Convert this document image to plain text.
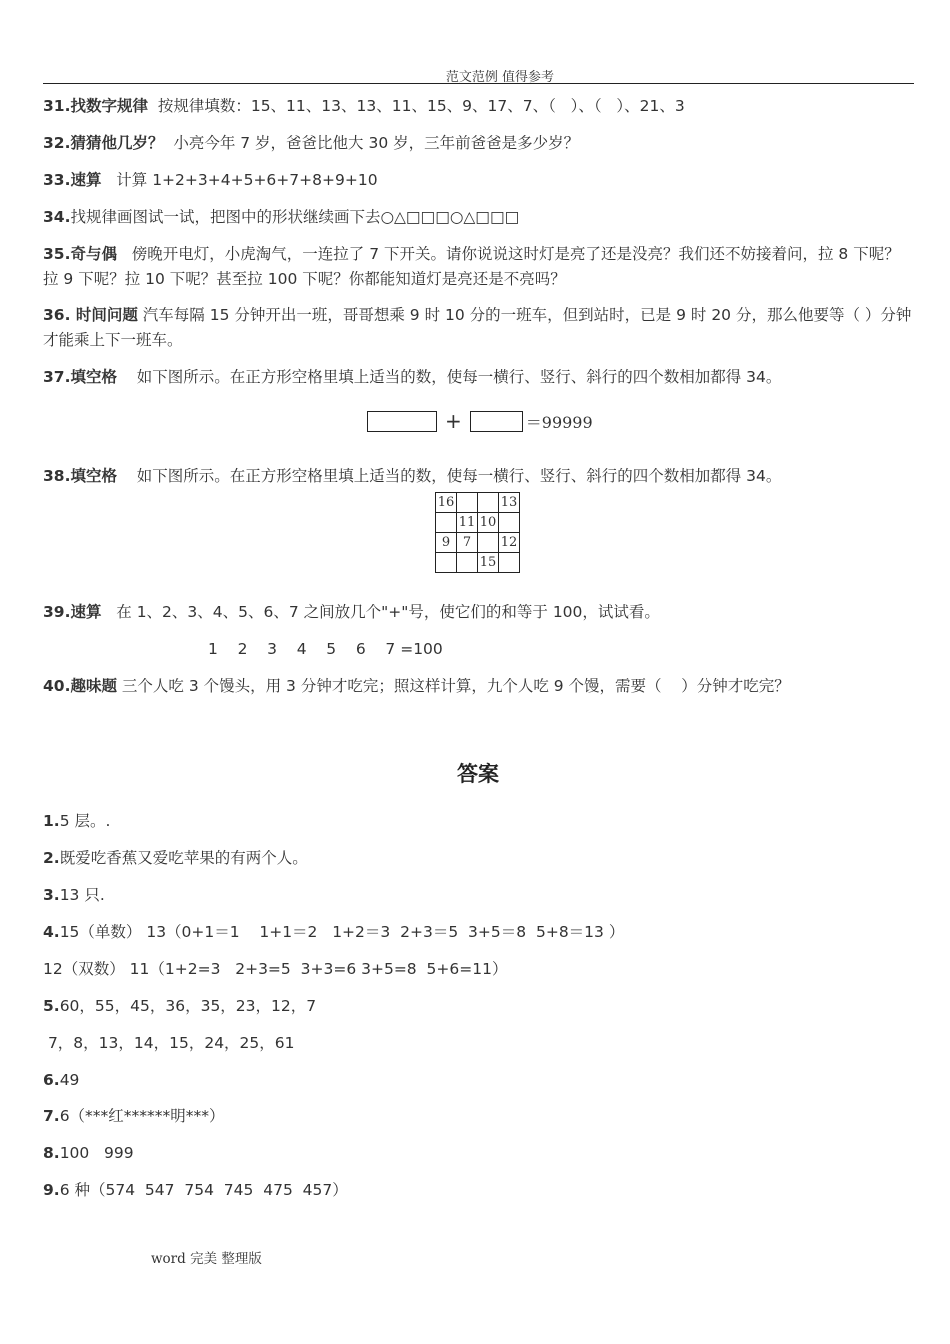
范文范例 值得参考
31.找数字规律  按规律填数：15、11、13、13、11、15、9、17、7、（   ）、（   ）、21、3
32.猜猜他几岁？  小亮今年 7 岁，爸爸比他大 30 岁，三年前爸爸是多少岁？
33.速算   计算 1+2+3+4+5+6+7+8+9+10
34.找规律画图试一试，把图中的形状继续画下去○△□□□○△□□□
35.奇与偶   傍晚开电灯，小虎淘气，一连拉了 7 下开关。请你说说这时灯是亮了还是没亮？我们还不妨接着问，拉 8 下呢？拉 9 下呢？拉 10 下呢？甚至拉 100 下呢？你都能知道灯是亮还是不亮吗？
36. 时间问题 汽车每隔 15 分钟开出一班，哥哥想乘 9 时 10 分的一班车，但到站时，已是 9 时 20 分，那么他要等（ ）分钟才能乘上下一班车。
37.填空格    如下图所示。在正方形空格里填上适当的数，使每一横行、竖行、斜行的四个数相加都得 34。
+	＝99999
38.填空格    如下图所示。在正方形空格里填上适当的数，使每一横行、竖行、斜行的四个数相加都得 34。
16			13
	11	10	
9	7		12
		15	
39.速算   在 1、2、3、4、5、6、7 之间放几个"+"号，使它们的和等于 100，试试看。
1    2    3    4    5    6    7 =100
40.趣味题 三个人吃 3 个馒头，用 3 分钟才吃完；照这样计算，九个人吃 9 个馒，需要（    ）分钟才吃完？
答案
1.5 层。.
2.既爱吃香蕉又爱吃苹果的有两个人。
3.13 只.
4.15（单数） 13（0+1＝1    1+1＝2   1+2＝3  2+3＝5  3+5＝8  5+8＝13 ）
12（双数） 11（1+2=3   2+3=5  3+3=6 3+5=8  5+6=11）
5.60，55，45，36，35，23，12，7
7，8，13，14，15，24，25，61
6.49
7.6（***红******明***）
8.100   999
9.6 种（574  547  754  745  475  457）
word 完美 整理版
